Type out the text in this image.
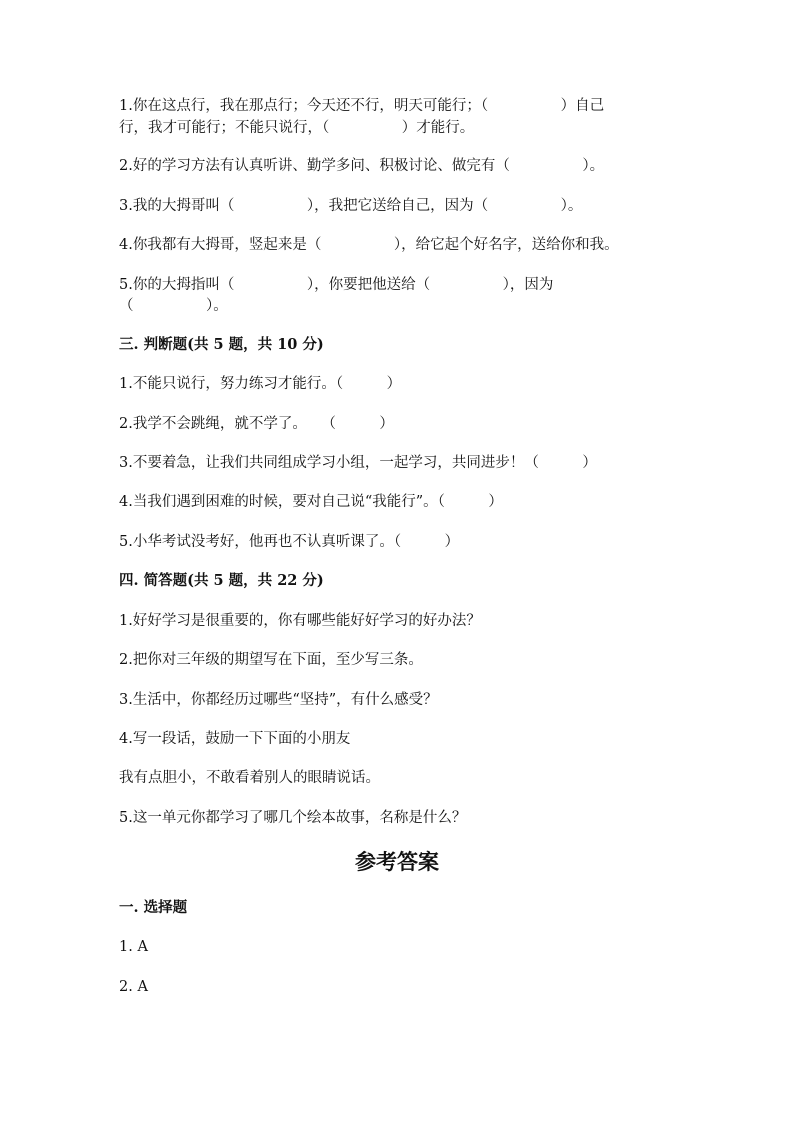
1.你在这点行，我在那点行；今天还不行，明天可能行；（　　　　　）自己
行，我才可能行；不能只说行，（　　　　　）才能行。
2.好的学习方法有认真听讲、勤学多问、积极讨论、做完有（　　　　　）。
3.我的大拇哥叫（　　　　　），我把它送给自己，因为（　　　　　）。
4.你我都有大拇哥，竖起来是（　　　　　），给它起个好名字，送给你和我。
5.你的大拇指叫（　　　　　），你要把他送给（　　　　　），因为
（　　　　　）。
三. 判断题(共 5 题，共 10 分)
1.不能只说行，努力练习才能行。（　　　）
2.我学不会跳绳，就不学了。　　（　　　）
3.不要着急，让我们共同组成学习小组，一起学习，共同进步！（　　　）
4.当我们遇到困难的时候，要对自己说“我能行”。（　　　）
5.小华考试没考好，他再也不认真听课了。（　　　）
四. 简答题(共 5 题，共 22 分)
1.好好学习是很重要的，你有哪些能好好学习的好办法？
2.把你对三年级的期望写在下面，至少写三条。
3.生活中，你都经历过哪些“坚持”，有什么感受？
4.写一段话，鼓励一下下面的小朋友
我有点胆小，不敢看着别人的眼睛说话。
5.这一单元你都学习了哪几个绘本故事，名称是什么？
参考答案
一. 选择题
1. A
2. A
